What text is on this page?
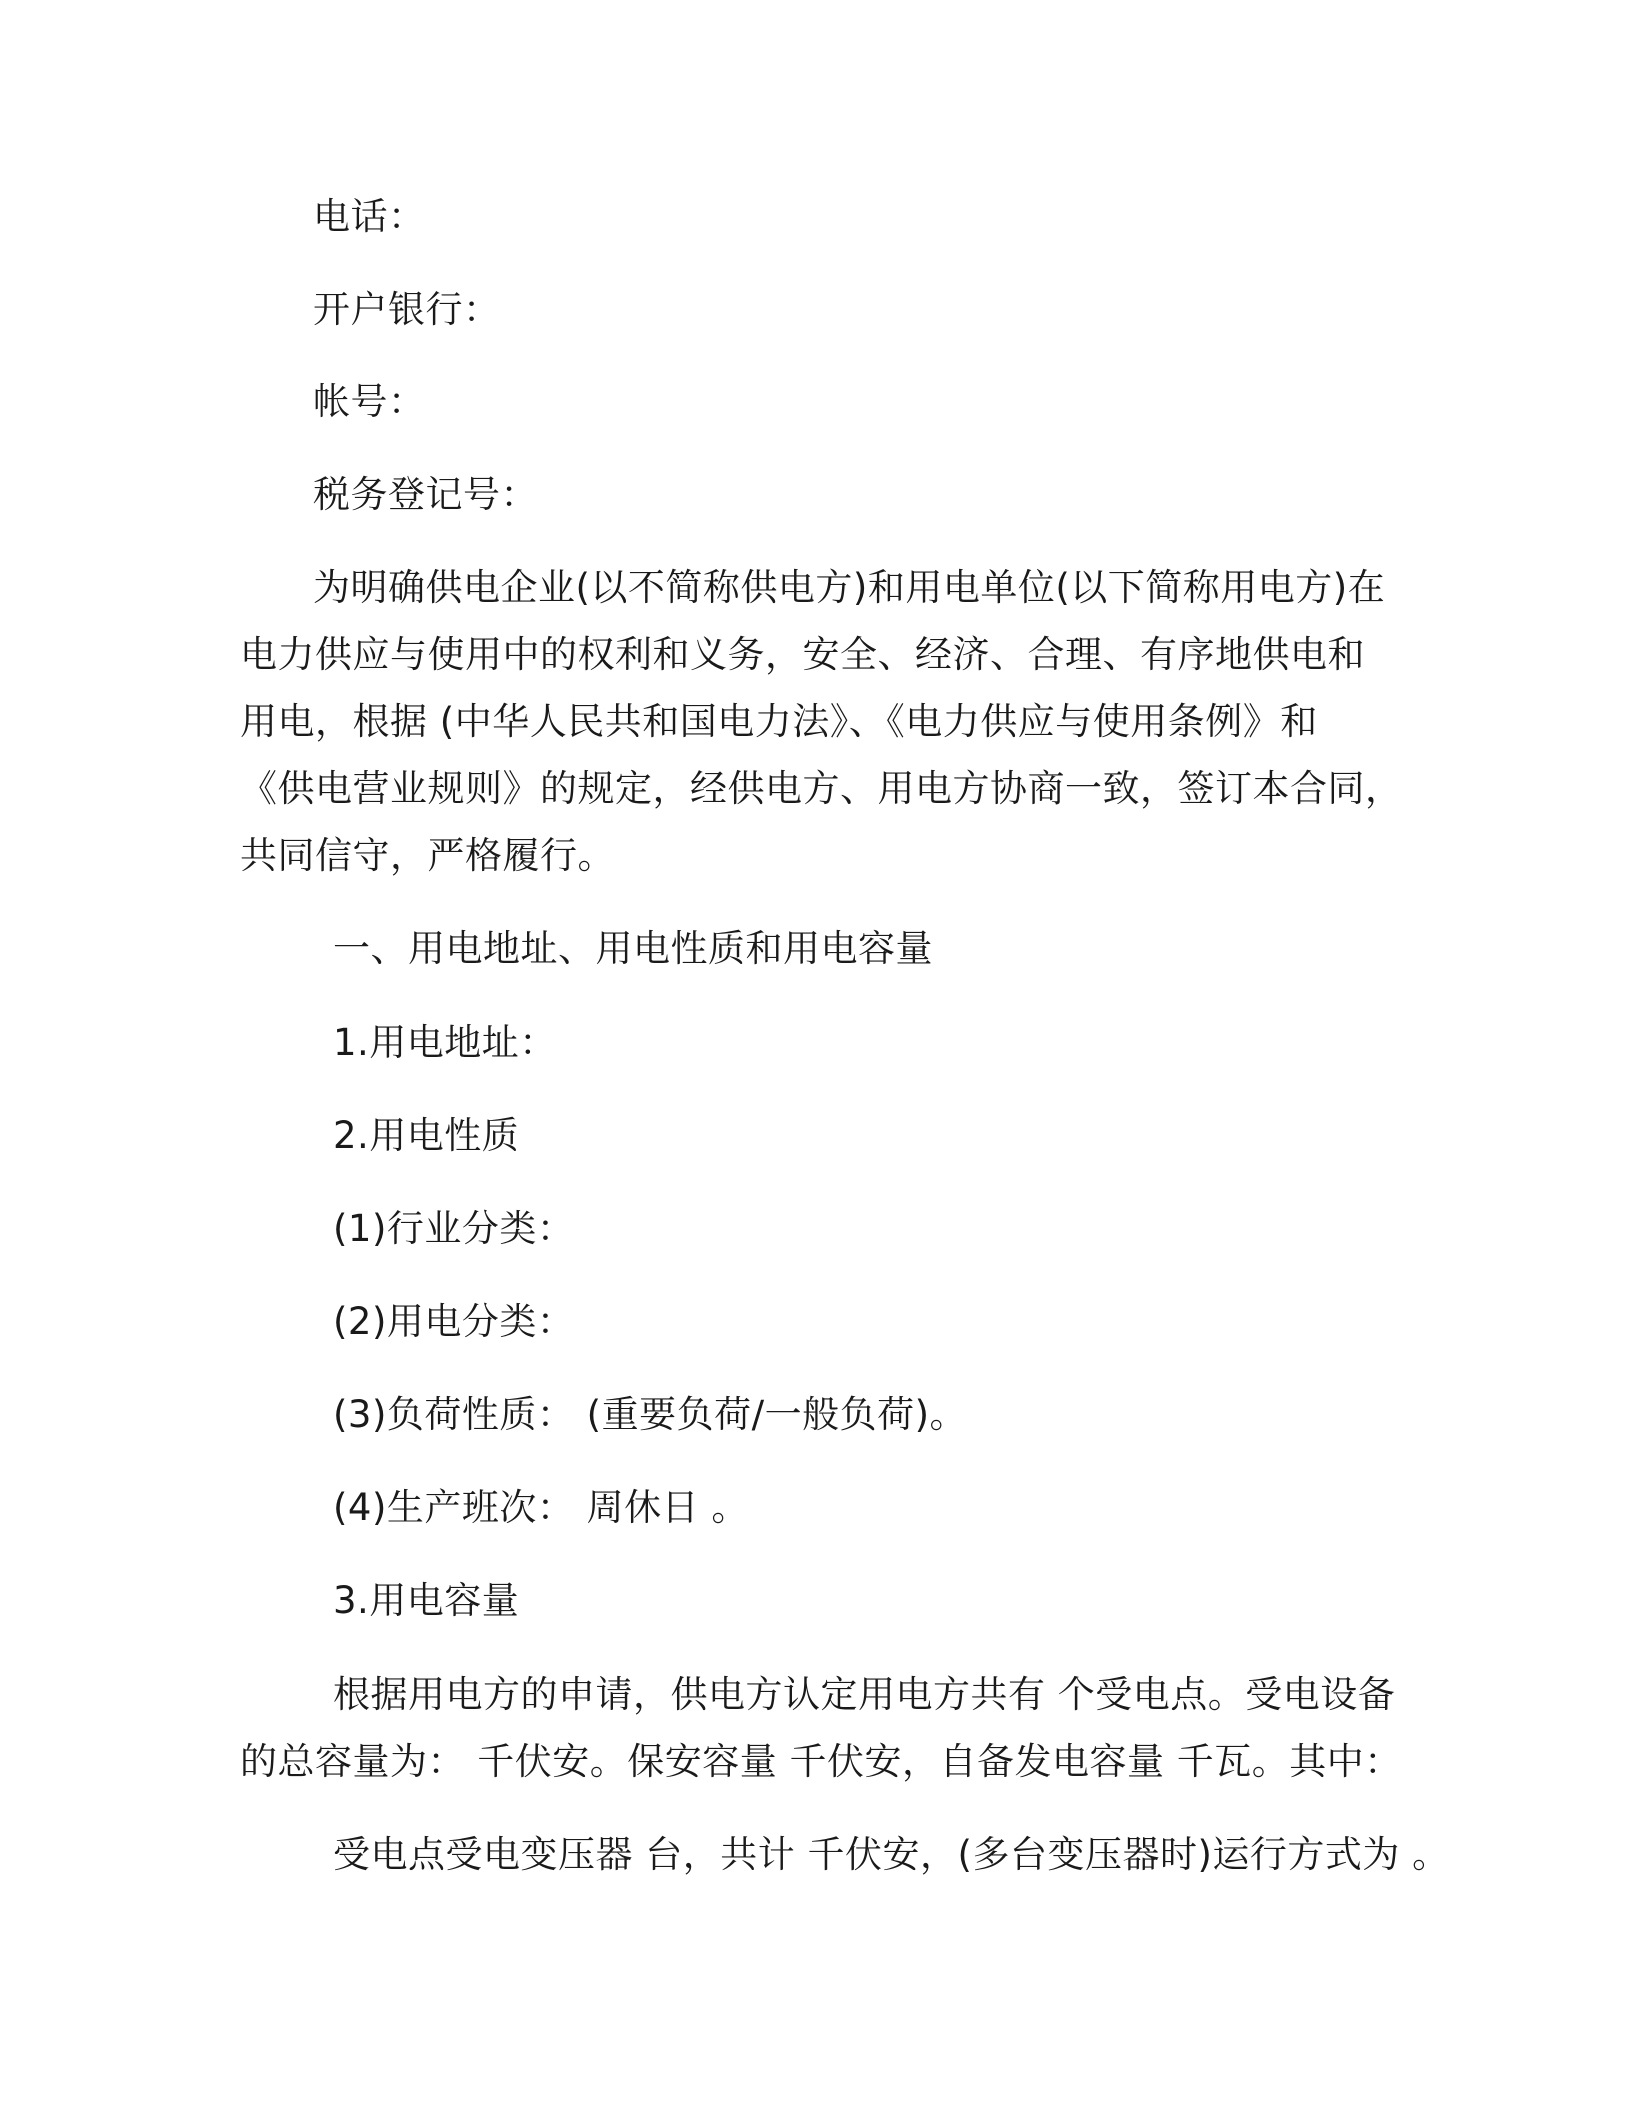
电话：
开户银行：
帐号：
税务登记号：
为明确供电企业(以不简称供电方)和用电单位(以下简称用电方)在
电力供应与使用中的权利和义务，安全、经济、合理、有序地供电和
用电，根据 (中华人民共和国电力法》、《电力供应与使用条例》和
《供电营业规则》的规定，经供电方、用电方协商一致，签订本合同，
共同信守，严格履行。
一、用电地址、用电性质和用电容量
1.用电地址：
2.用电性质
(1)行业分类：
(2)用电分类：
(3)负荷性质： (重要负荷/一般负荷)。
(4)生产班次： 周休日 。
3.用电容量
根据用电方的申请，供电方认定用电方共有 个受电点。受电设备
的总容量为： 千伏安。保安容量 千伏安，自备发电容量 千瓦。其中：
受电点受电变压器 台，共计 千伏安，(多台变压器时)运行方式为 。
